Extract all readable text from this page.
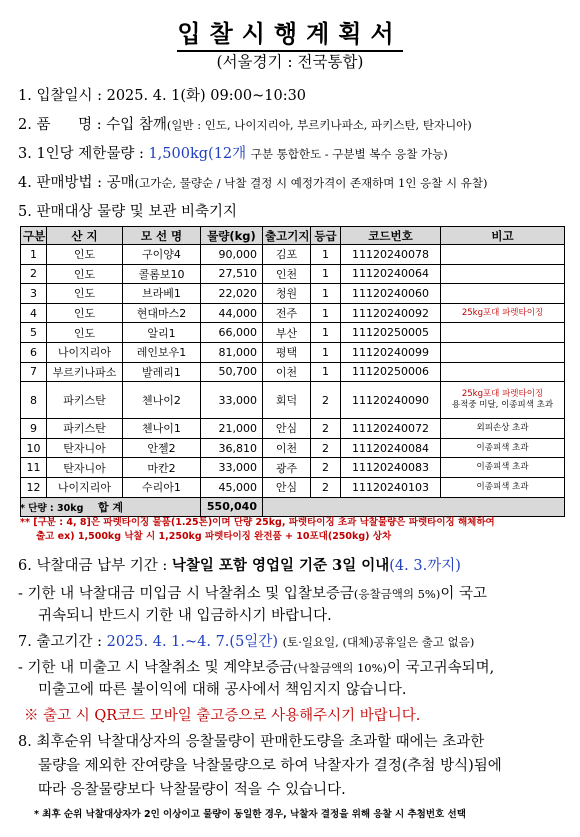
입찰시행계획서
(서울경기 : 전국통합)
1. 입찰일시 : 2025. 4. 1(화) 09:00~10:30
2. 품      명 : 수입 참깨(일반 : 인도, 나이지리아, 부르키나파소, 파키스탄, 탄자니아)
3. 1인당 제한물량 : 1,500kg(12개 구분 통합한도 - 구분별 복수 응찰 가능)
4. 판매방법 : 공매(고가순, 물량순 / 낙찰 결정 시 예정가격이 존재하며 1인 응찰 시 유찰)
5. 판매대상 물량 및 보관 비축기지
구분	산 지	모 선 명	물량(kg)	출고기지	등급	코드번호	비고
1	인도	구이양4	90,000	김포	1	11120240078	
2	인도	콜롬보10	27,510	인천	1	11120240064	
3	인도	브라베1	22,020	청원	1	11120240060	
4	인도	현대마스2	44,000	전주	1	11120240092	25kg포대 파렛타이징

5	인도	알리1	66,000	부산	1	11120250005	
6	나이지리아	레인보우1	81,000	평택	1	11120240099	
7	부르키나파소	발레리1	50,700	이천	1	11120250006	
8	파키스탄	첸나이2	33,000	회덕	2	11120240090	25kg포대 파렛타이징
용적중 미달, 이종피색 초과

9	파키스탄	첸나이1	21,000	안심	2	11120240072	외피손상 초과

10	탄자니아	안젤2	36,810	이천	2	11120240084	이종피색 초과

11	탄자니아	마칸2	33,000	광주	2	11120240083	이종피색 초과

12	나이지리아	수리아1	45,000	안심	2	11120240103	이종피색 초과

합 계			550,040				
* 단량 : 30kg
** [구분 : 4, 8]은 파렛타이징 물품(1.25톤)이며 단량 25kg, 파렛타이징 초과 낙찰물량은 파렛타이징 해체하여
출고 ex) 1,500kg 낙찰 시 1,250kg 파렛타이징 완전품 + 10포대(250kg) 상차
6. 낙찰대금 납부 기간 : 낙찰일 포함 영업일 기준 3일 이내(4. 3.까지)
- 기한 내 낙찰대금 미입금 시 낙찰취소 및 입찰보증금(응찰금액의 5%)이 국고
귀속되니 반드시 기한 내 입금하시기 바랍니다.
7. 출고기간 : 2025. 4. 1.~4. 7.(5일간) (토·일요일, (대체)공휴일은 출고 없음)
- 기한 내 미출고 시 낙찰취소 및 계약보증금(낙찰금액의 10%)이 국고귀속되며,
미출고에 따른 불이익에 대해 공사에서 책임지지 않습니다.
※ 출고 시 QR코드 모바일 출고증으로 사용해주시기 바랍니다.
8. 최후순위 낙찰대상자의 응찰물량이 판매한도량을 초과할 때에는 초과한
물량을 제외한 잔여량을 낙찰물량으로 하여 낙찰자가 결정(추첨 방식)됨에
따라 응찰물량보다 낙찰물량이 적을 수 있습니다.
* 최후 순위 낙찰대상자가 2인 이상이고 물량이 동일한 경우, 낙찰자 결정을 위해 응찰 시 추첨번호 선택
